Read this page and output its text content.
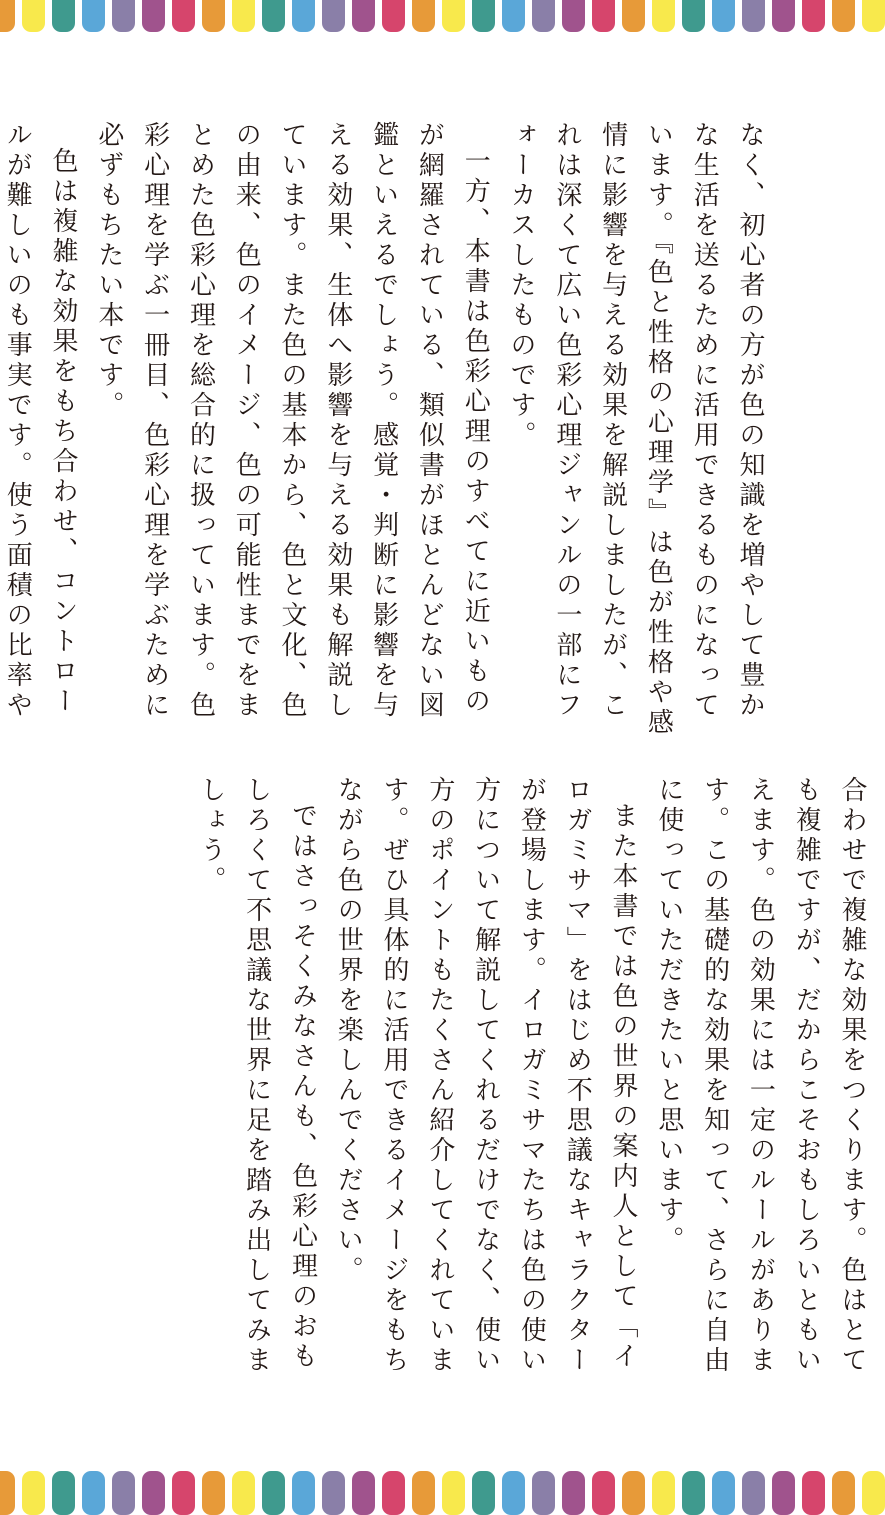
なく、初心者の方が色の知識を増やして豊かな生活を送るために活用できるものになっています。『色と性格の心理学』は色が性格や感情に影響を与える効果を解説しましたが、これは深くて広い色彩心理ジャンルの一部にフォーカスしたものです。

一方、本書は色彩心理のすべてに近いものが網羅されている、類似書がほとんどない図鑑といえるでしょう。感覚・判断に影響を与える効果、生体へ影響を与える効果も解説しています。また色の基本から、色と文化、色の由来、色のイメージ、色の可能性までをまとめた色彩心理を総合的に扱っています。色彩心理を学ぶ一冊目、色彩心理を学ぶために必ずもちたい本です。

色は複雑な効果をもち合わせ、コントロールが難しいのも事実です。使う面積の比率や

合わせで複雑な効果をつくります。色はとても複雑ですが、だからこそおもしろいともいえます。色の効果には一定のルールがあります。この基礎的な効果を知って、さらに自由に使っていただきたいと思います。

また本書では色の世界の案内人として「イロガミサマ」をはじめ不思議なキャラクターが登場します。イロガミサマたちは色の使い方について解説してくれるだけでなく、使い方のポイントもたくさん紹介してくれています。ぜひ具体的に活用できるイメージをもちながら色の世界を楽しんでください。

ではさっそくみなさんも、色彩心理のおもしろくて不思議な世界に足を踏み出してみましょう。
